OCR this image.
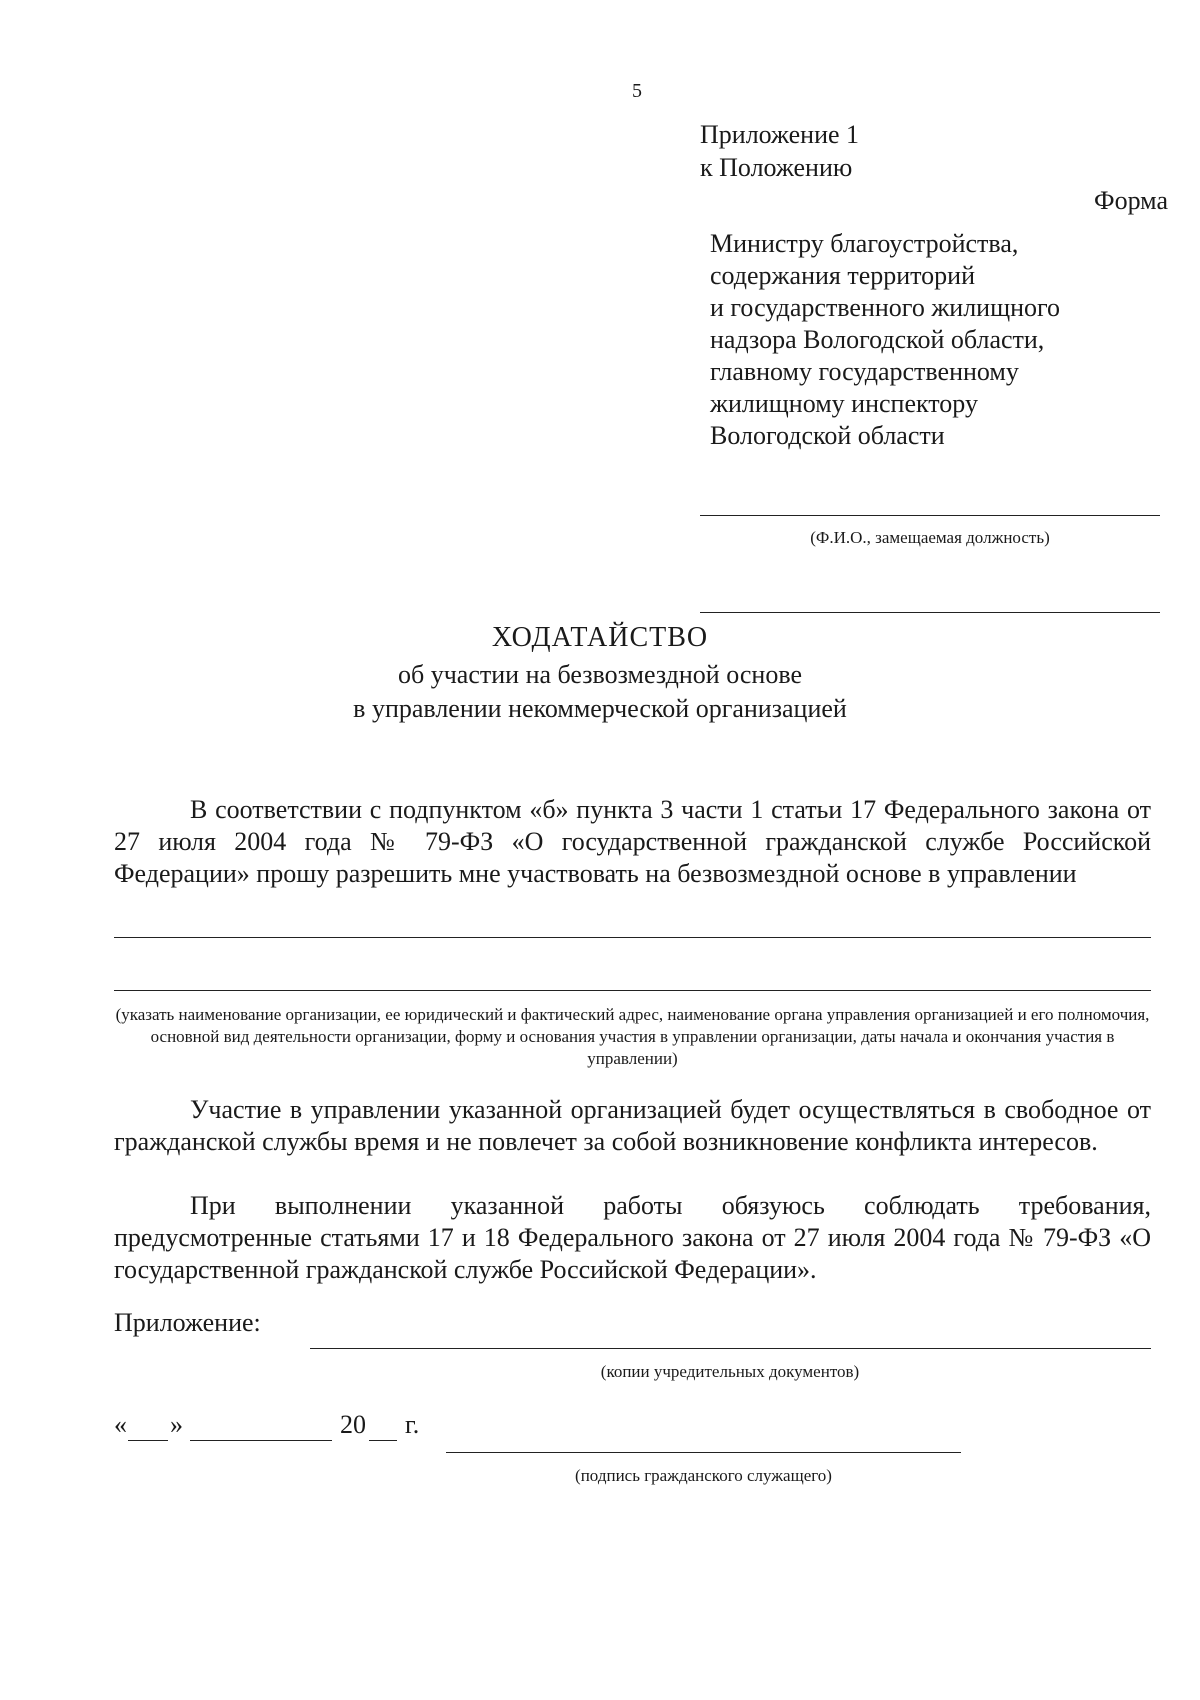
5
Приложение 1
к Положению
Форма
Министру благоустройства,
содержания территорий
и государственного жилищного
надзора Вологодской области,
главному государственному
жилищному инспектору
Вологодской области
(Ф.И.О., замещаемая должность)
ХОДАТАЙСТВО
об участии на безвозмездной основе
в управлении некоммерческой организацией

В соответствии с подпунктом «б» пункта 3 части 1 статьи 17 Федерального закона от 27 июля 2004 года № 79-ФЗ «О государственной гражданской службе Российской Федерации» прошу разрешить мне участвовать на безвозмездной основе в управлении

(указать наименование организации, ее юридический и фактический адрес, наименование органа управления организацией и его полномочия, основной вид деятельности организации, форму и основания участия в управлении организации, даты начала и окончания участия в управлении)

Участие в управлении указанной организацией будет осуществляться в свободное от гражданской службы время и не повлечет за собой возникновение конфликта интересов.

При выполнении указанной работы обязуюсь соблюдать требования, предусмотренные статьями 17 и 18 Федерального закона от 27 июля 2004 года № 79-ФЗ «О государственной гражданской службе Российской Федерации».

Приложение:
(копии учредительных документов)
« »	20 г.
(подпись гражданского служащего)
